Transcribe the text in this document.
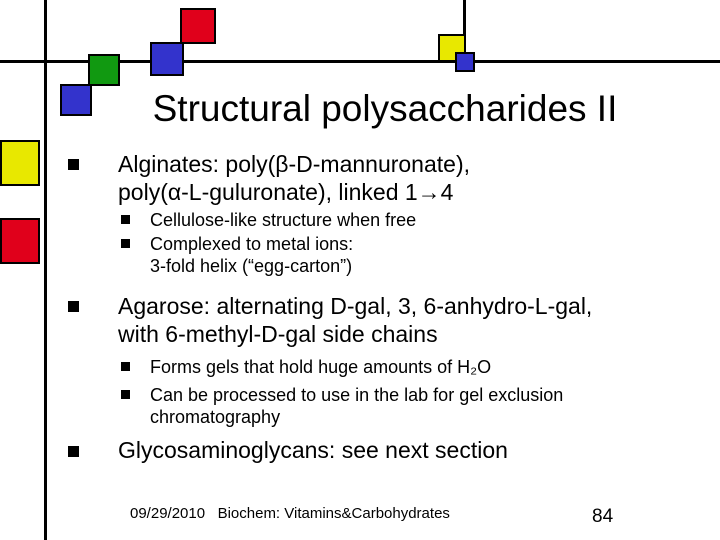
Structural polysaccharides II
Alginates: poly(β-D-mannuronate),
poly(α-L-guluronate), linked 1→4
Cellulose-like structure when free
Complexed to metal ions:
3-fold helix (“egg-carton”)
Agarose: alternating D-gal, 3, 6-anhydro-L-gal,
with 6-methyl-D-gal side chains
Forms gels that hold huge amounts of H₂O
Can be processed to use in the lab for gel exclusion
chromatography
Glycosaminoglycans: see next section
09/29/2010   Biochem: Vitamins&Carbohydrates	84
